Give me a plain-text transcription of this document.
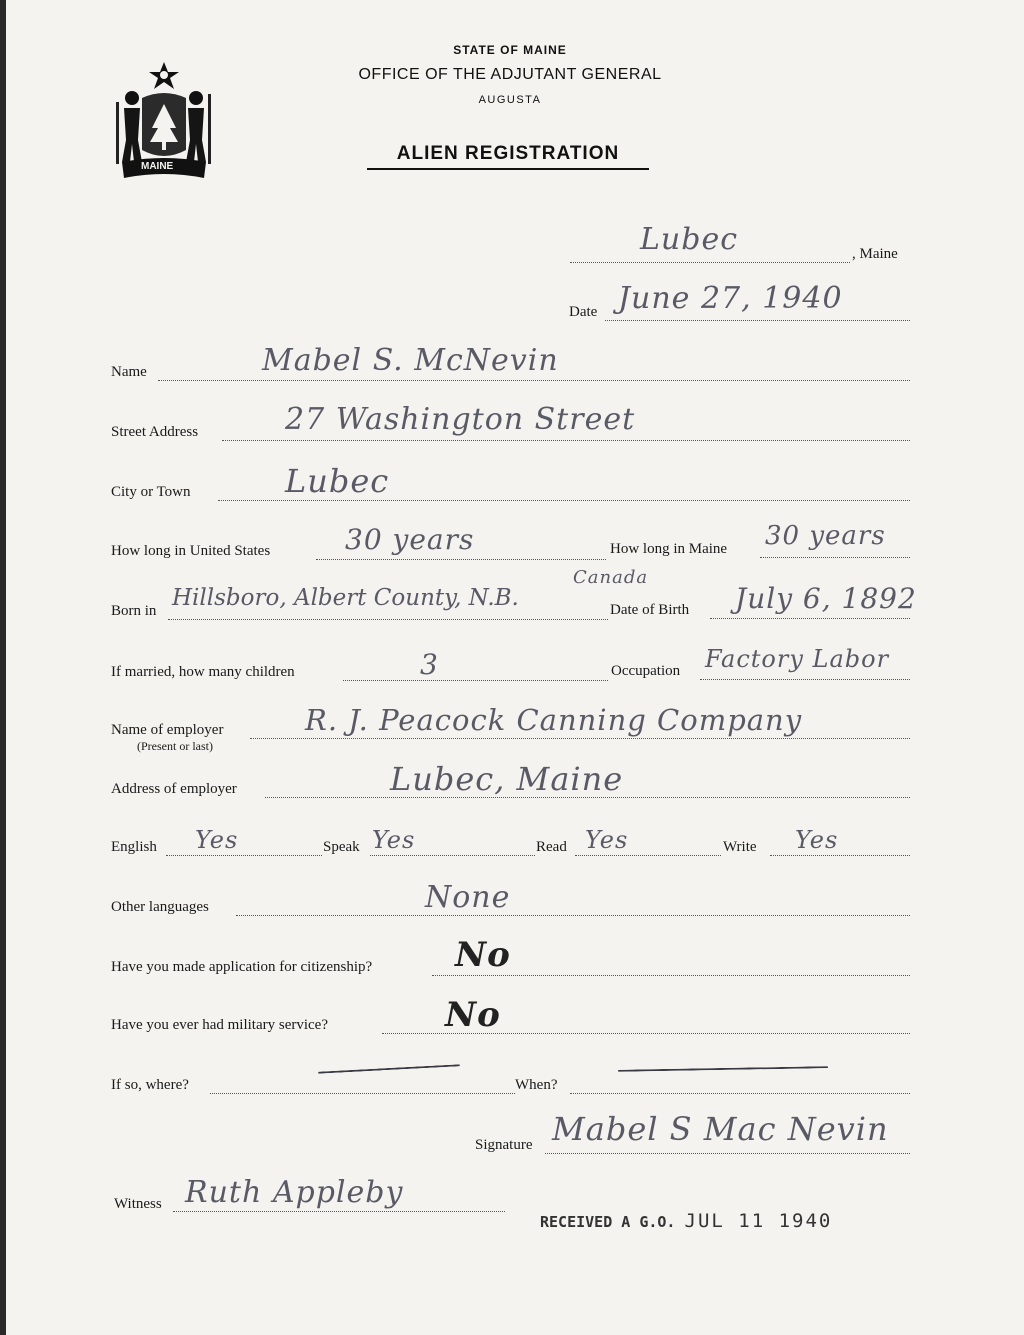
MAINE
STATE OF MAINE
OFFICE OF THE ADJUTANT GENERAL
AUGUSTA
ALIEN REGISTRATION
Lubec	, Maine
Date June 27, 1940
Name	Mabel S. McNevin
Street Address	27 Washington Street
City or Town	Lubec
How long in United States	30 years	How long in Maine 30 years
Born in Hillsboro, Albert County, N.B.
Canada
Date of Birth July 6, 1892
If married, how many children	3	Occupation Factory Labor
Name of employer
(Present or last)
R. J. Peacock Canning Company
Address of employer	Lubec, Maine
English Yes	Speak Yes	Read Yes	Write Yes
Other languages	None
Have you made application for citizenship? No
Have you ever had military service?	No
If so, where?	When?
Signature Mabel S Mac Nevin
Witness Ruth Appleby
RECEIVED A G.O. JUL 11 1940
